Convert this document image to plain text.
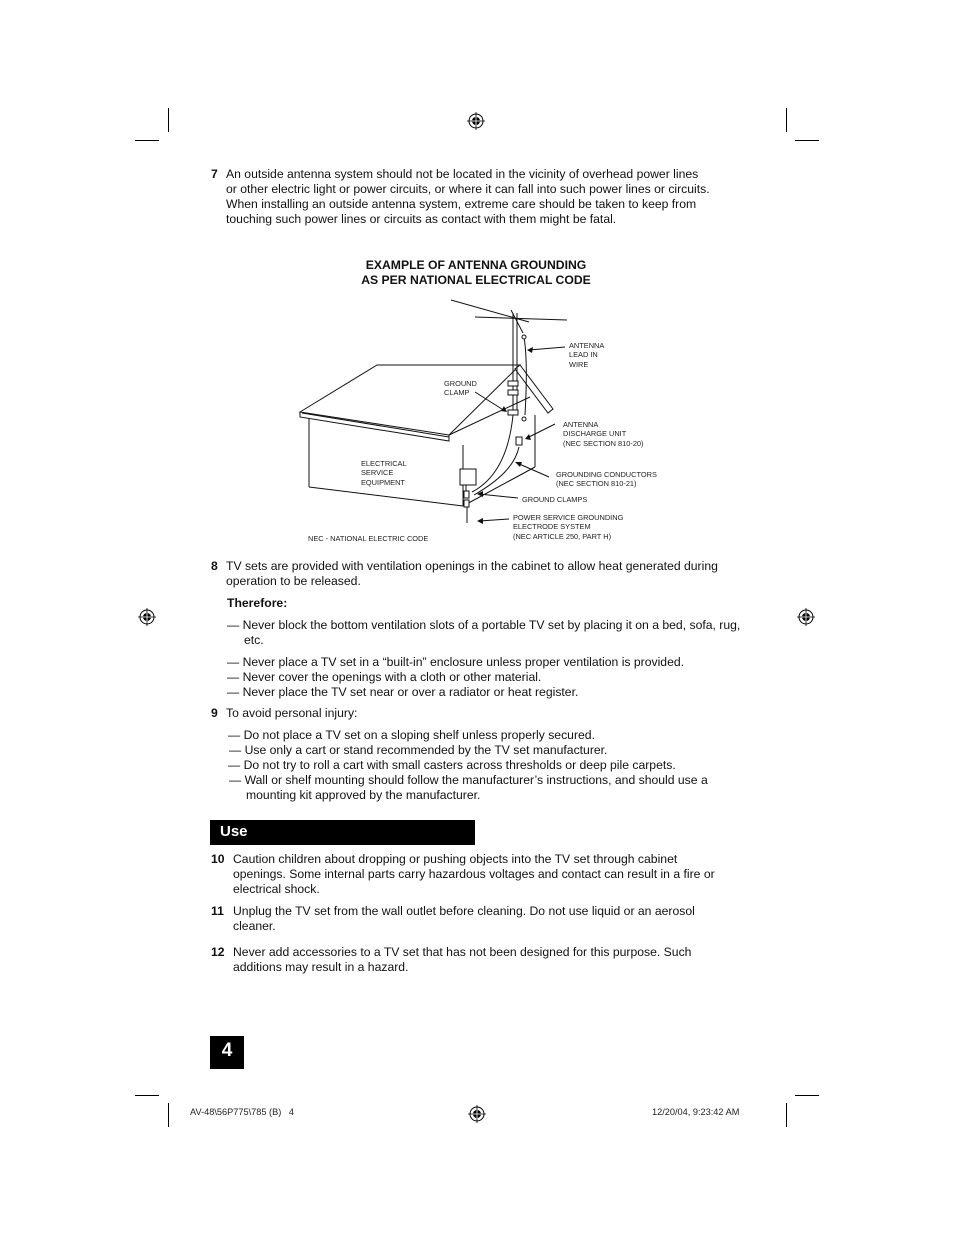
7 An outside antenna system should not be located in the vicinity of overhead power lines
or other electric light or power circuits, or where it can fall into such power lines or circuits.
When installing an outside antenna system, extreme care should be taken to keep from
touching such power lines or circuits as contact with them might be fatal.
EXAMPLE OF ANTENNA GROUNDING
AS PER NATIONAL ELECTRICAL CODE
ANTENNA
LEAD IN
WIRE
GROUND
CLAMP
ANTENNA
DISCHARGE UNIT
(NEC SECTION 810-20)
ELECTRICAL
SERVICE
EQUIPMENT
GROUNDING CONDUCTORS
(NEC SECTION 810-21)
GROUND CLAMPS
POWER SERVICE GROUNDING
ELECTRODE SYSTEM
(NEC ARTICLE 250, PART H)
NEC - NATIONAL ELECTRIC CODE
8 TV sets are provided with ventilation openings in the cabinet to allow heat generated during
operation to be released.
Therefore:
— Never block the bottom ventilation slots of a portable TV set by placing it on a bed, sofa, rug, etc.
— Never place a TV set in a “built-in” enclosure unless proper ventilation is provided.
— Never cover the openings with a cloth or other material.
— Never place the TV set near or over a radiator or heat register.
9 To avoid personal injury:
— Do not place a TV set on a sloping shelf unless properly secured.
— Use only a cart or stand recommended by the TV set manufacturer.
— Do not try to roll a cart with small casters across thresholds or deep pile carpets.
— Wall or shelf mounting should follow the manufacturer’s instructions, and should use a mounting kit approved by the manufacturer.
Use
10 Caution children about dropping or pushing objects into the TV set through cabinet
openings. Some internal parts carry hazardous voltages and contact can result in a fire or
electrical shock.
11 Unplug the TV set from the wall outlet before cleaning. Do not use liquid or an aerosol
cleaner.
12 Never add accessories to a TV set that has not been designed for this purpose. Such
additions may result in a hazard.
4
AV-48\56P775\785 (B)   4	12/20/04, 9:23:42 AM
